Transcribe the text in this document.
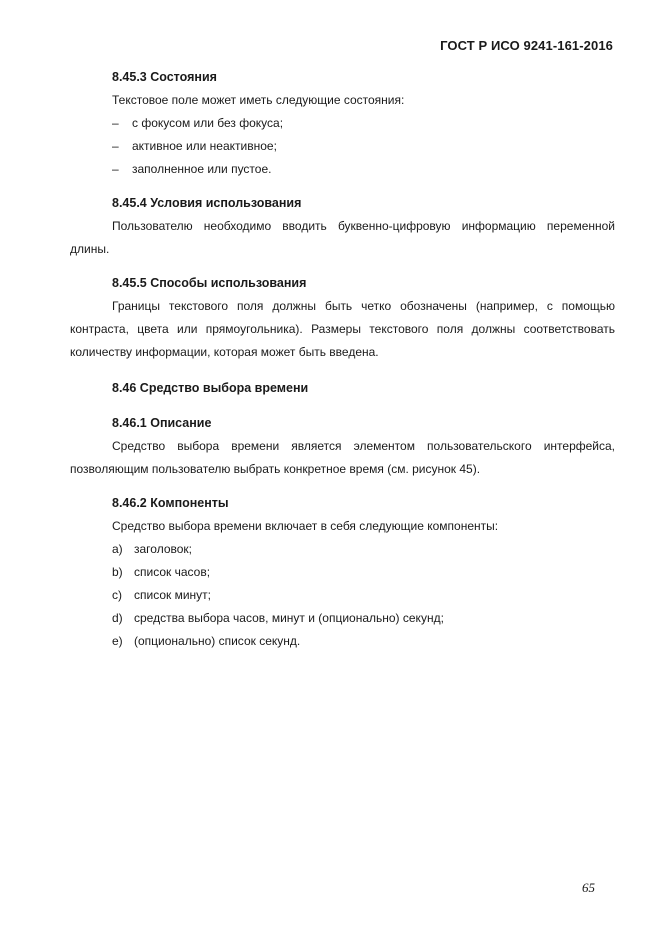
ГОСТ Р ИСО 9241-161-2016
8.45.3 Состояния
Текстовое поле может иметь следующие состояния:
–	с фокусом или без фокуса;
–	активное или неактивное;
–	заполненное или пустое.
8.45.4 Условия использования

Пользователю необходимо вводить буквенно-цифровую информацию переменной длины.

8.45.5 Способы использования

Границы текстового поля должны быть четко обозначены (например, с помощью контраста, цвета или прямоугольника). Размеры текстового поля должны соответствовать количеству информации, которая может быть введена.

8.46 Средство выбора времени
8.46.1 Описание

Средство выбора времени является элементом пользовательского интерфейса, позволяющим пользователю выбрать конкретное время (см. рисунок 45).

8.46.2 Компоненты
Средство выбора времени включает в себя следующие компоненты:
a) заголовок;
b) список часов;
c)	список минут;
d) средства выбора часов, минут и (опционально) секунд;
e) (опционально) список секунд.
65
